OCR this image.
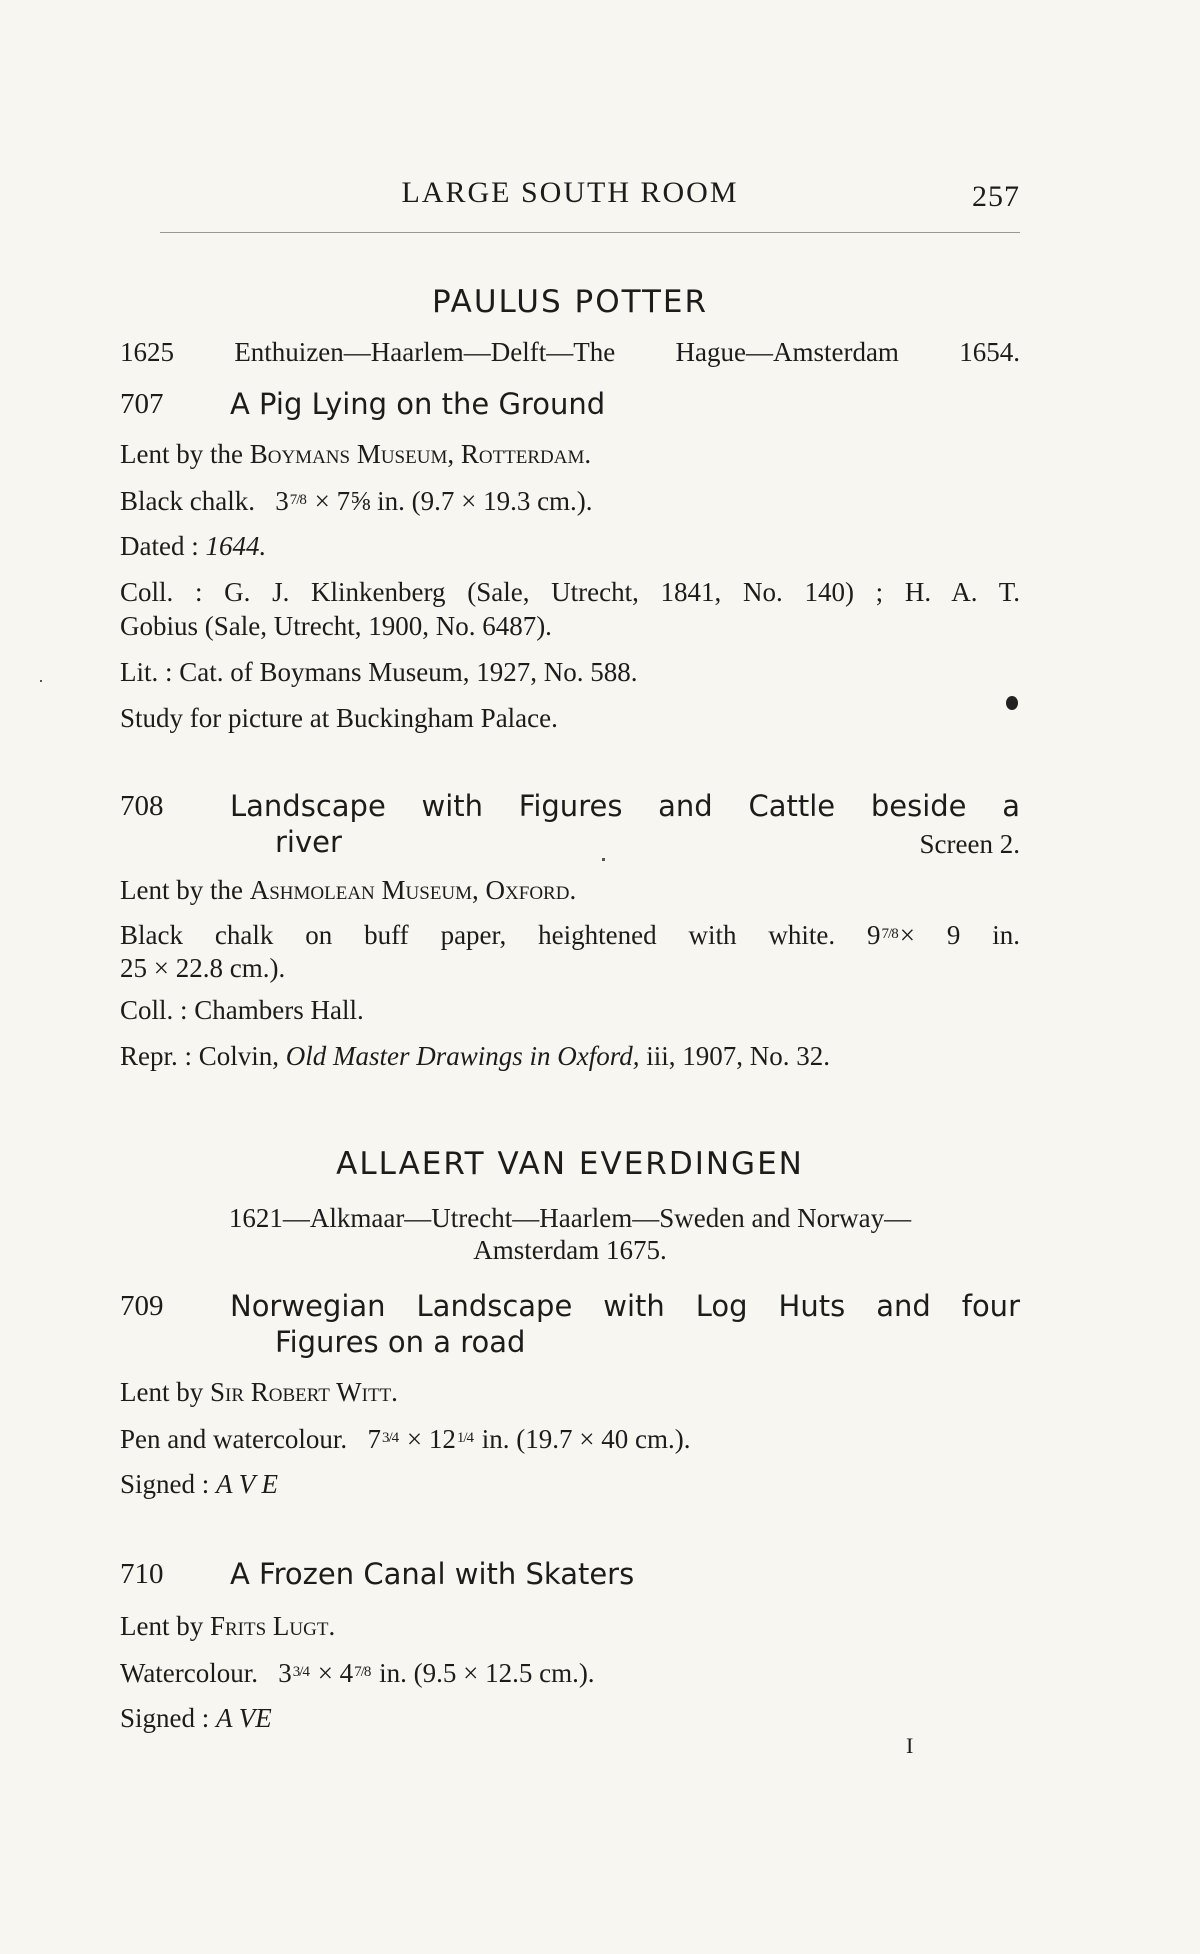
LARGE SOUTH ROOM	257
PAULUS POTTER
1625 Enthuizen—Haarlem—Delft—The Hague—Amsterdam 1654.
707 A Pig Lying on the Ground
Lent by the Boymans Museum, Rotterdam.
Black chalk. 37/8 × 7⅝ in. (9.7 × 19.3 cm.).
Dated : 1644.
Coll. : G. J. Klinkenberg (Sale, Utrecht, 1841, No. 140) ; H. A. T.
Gobius (Sale, Utrecht, 1900, No. 6487).
Lit. : Cat. of Boymans Museum, 1927, No. 588.
Study for picture at Buckingham Palace.
708 Landscape with Figures and Cattle beside a
river	Screen 2.
Lent by the Ashmolean Museum, Oxford.
Black chalk on buff paper, heightened with white. 97/8× 9 in.
25 × 22.8 cm.).
Coll. : Chambers Hall.
Repr. : Colvin, Old Master Drawings in Oxford, iii, 1907, No. 32.
ALLAERT VAN EVERDINGEN
1621—Alkmaar—Utrecht—Haarlem—Sweden and Norway—
Amsterdam 1675.
709 Norwegian Landscape with Log Huts and four
Figures on a road
Lent by Sir Robert Witt.
Pen and watercolour. 73/4 × 121/4 in. (19.7 × 40 cm.).
Signed : A V E
710 A Frozen Canal with Skaters
Lent by Frits Lugt.
Watercolour. 33/4 × 47/8 in. (9.5 × 12.5 cm.).
Signed : A VE
I
